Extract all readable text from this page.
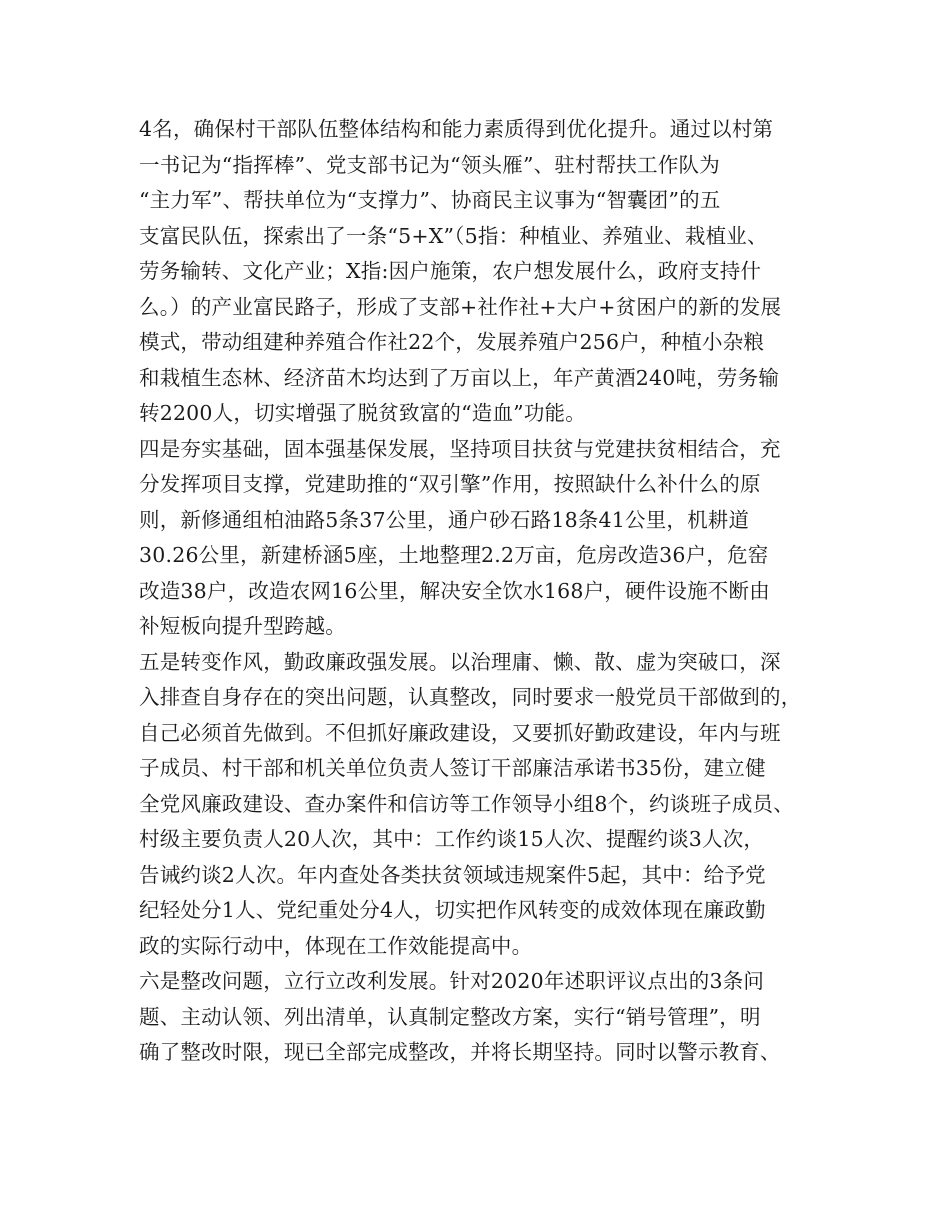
4名，确保村干部队伍整体结构和能力素质得到优化提升。通过以村第
一书记为“指挥棒”、党支部书记为“领头雁”、驻村帮扶工作队为
“主力军”、帮扶单位为“支撑力”、协商民主议事为“智囊团”的五
支富民队伍，探索出了一条“5+X”（5指：种植业、养殖业、栽植业、
劳务输转、文化产业；X指:因户施策，农户想发展什么，政府支持什
么。）的产业富民路子，形成了支部+社作社+大户+贫困户的新的发展
模式，带动组建种养殖合作社22个，发展养殖户256户，种植小杂粮
和栽植生态林、经济苗木均达到了万亩以上，年产黄酒240吨，劳务输
转2200人，切实增强了脱贫致富的“造血”功能。
四是夯实基础，固本强基保发展，坚持项目扶贫与党建扶贫相结合，充
分发挥项目支撑，党建助推的“双引擎”作用，按照缺什么补什么的原
则，新修通组柏油路5条37公里，通户砂石路18条41公里，机耕道
30.26公里，新建桥涵5座，土地整理2.2万亩，危房改造36户，危窑
改造38户，改造农网16公里，解决安全饮水168户，硬件设施不断由
补短板向提升型跨越。
五是转变作风，勤政廉政强发展。以治理庸、懒、散、虚为突破口，深
入排查自身存在的突出问题，认真整改，同时要求一般党员干部做到的，
自己必须首先做到。不但抓好廉政建设，又要抓好勤政建设，年内与班
子成员、村干部和机关单位负责人签订干部廉洁承诺书35份，建立健
全党风廉政建设、查办案件和信访等工作领导小组8个，约谈班子成员、
村级主要负责人20人次，其中：工作约谈15人次、提醒约谈3人次，
告诫约谈2人次。年内查处各类扶贫领域违规案件5起，其中：给予党
纪轻处分1人、党纪重处分4人，切实把作风转变的成效体现在廉政勤
政的实际行动中，体现在工作效能提高中。
六是整改问题，立行立改利发展。针对2020年述职评议点出的3条问
题、主动认领、列出清单，认真制定整改方案，实行“销号管理”，明
确了整改时限，现已全部完成整改，并将长期坚持。同时以警示教育、
